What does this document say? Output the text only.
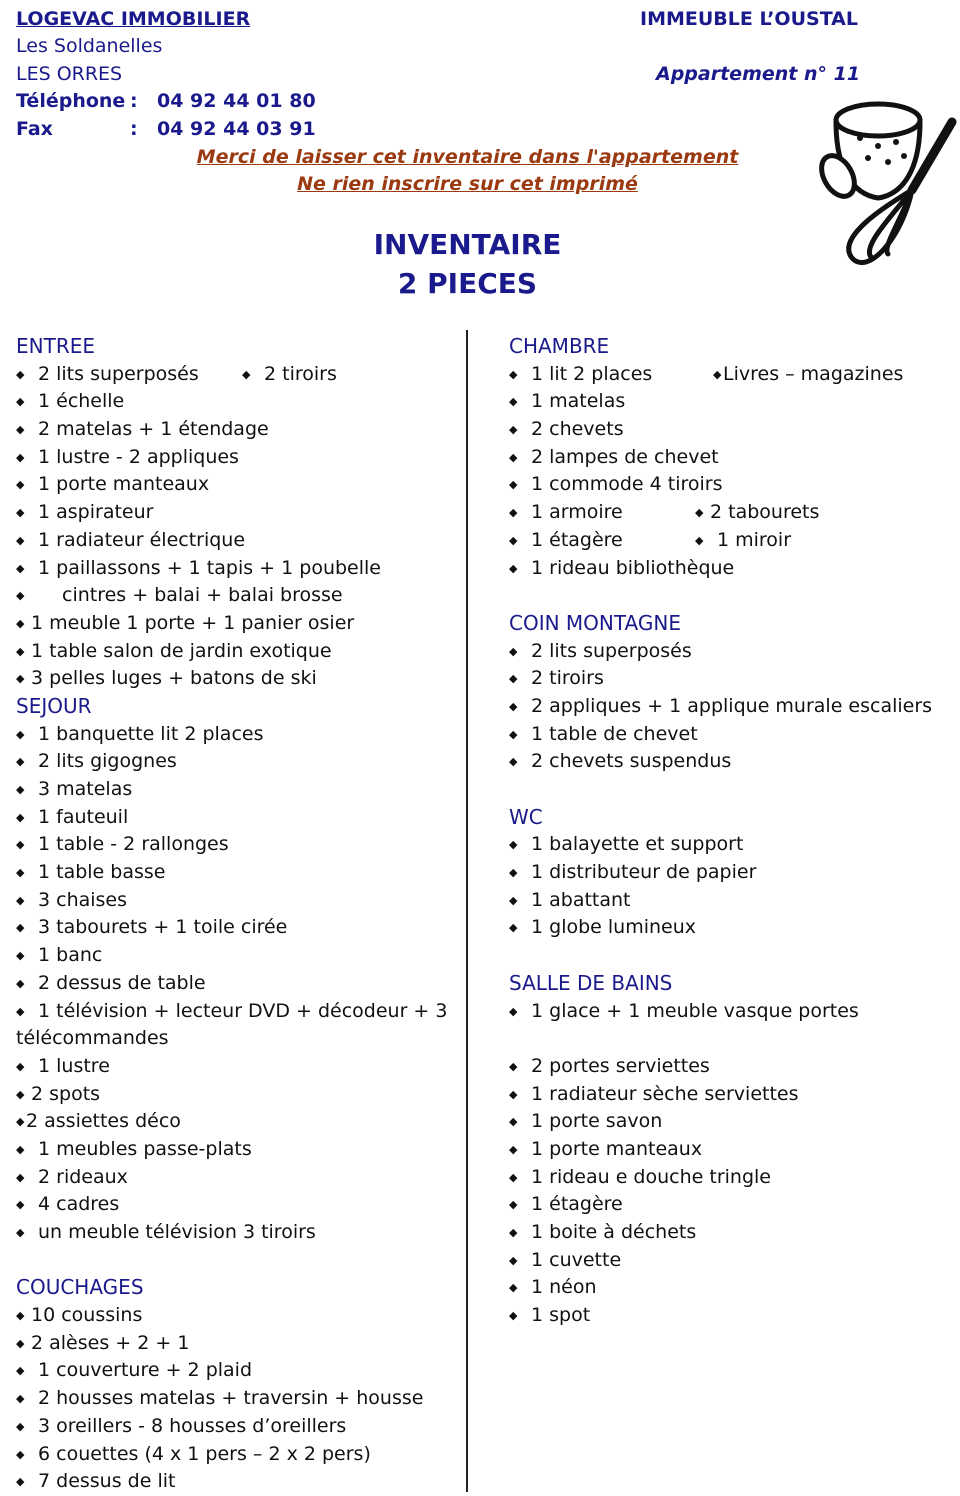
LOGEVAC IMMOBILIER
Les Soldanelles
LES ORRES
Téléphone : 04 92 44 01 80
Fax	: 04 92 44 03 91
IMMEUBLE L’OUSTAL
Appartement n° 11
Merci de laisser cet inventaire dans l'appartement
Ne rien inscrire sur cet imprimé
INVENTAIRE
2 PIECES
ENTREE
◆ 2 lits superposés	◆ 2 tiroirs
◆ 1 échelle
◆ 2 matelas + 1 étendage
◆ 1 lustre - 2 appliques
◆ 1 porte manteaux
◆ 1 aspirateur
◆ 1 radiateur électrique
◆ 1 paillassons + 1 tapis + 1 poubelle
◆ cintres + balai + balai brosse
◆ 1 meuble 1 porte + 1 panier osier
◆ 1 table salon de jardin exotique
◆ 3 pelles luges + batons de ski
SEJOUR
◆ 1 banquette lit 2 places
◆ 2 lits gigognes
◆ 3 matelas
◆ 1 fauteuil
◆ 1 table - 2 rallonges
◆ 1 table basse
◆ 3 chaises
◆ 3 tabourets + 1 toile cirée
◆ 1 banc
◆ 2 dessus de table
◆ 1 télévision + lecteur DVD + décodeur + 3
télécommandes
◆ 1 lustre
◆ 2 spots
◆2 assiettes déco
◆ 1 meubles passe-plats
◆ 2 rideaux
◆ 4 cadres
◆ un meuble télévision 3 tiroirs
COUCHAGES
◆ 10 coussins
◆ 2 alèses + 2 + 1
◆ 1 couverture + 2 plaid
◆ 2 housses matelas + traversin + housse
◆ 3 oreillers - 8 housses d’oreillers
◆ 6 couettes (4 x 1 pers – 2 x 2 pers)
◆ 7 dessus de lit
CHAMBRE
◆ 1 lit 2 places	◆Livres – magazines
◆ 1 matelas
◆ 2 chevets
◆ 2 lampes de chevet
◆ 1 commode 4 tiroirs
◆ 1 armoire	◆ 2 tabourets
◆ 1 étagère	◆ 1 miroir
◆ 1 rideau bibliothèque
COIN MONTAGNE
◆ 2 lits superposés
◆ 2 tiroirs
◆ 2 appliques + 1 applique murale escaliers
◆ 1 table de chevet
◆ 2 chevets suspendus
WC
◆ 1 balayette et support
◆ 1 distributeur de papier
◆ 1 abattant
◆ 1 globe lumineux
SALLE DE BAINS
◆ 1 glace + 1 meuble vasque portes
◆ 2 portes serviettes
◆ 1 radiateur sèche serviettes
◆ 1 porte savon
◆ 1 porte manteaux
◆ 1 rideau e douche tringle
◆ 1 étagère
◆ 1 boite à déchets
◆ 1 cuvette
◆ 1 néon
◆ 1 spot
